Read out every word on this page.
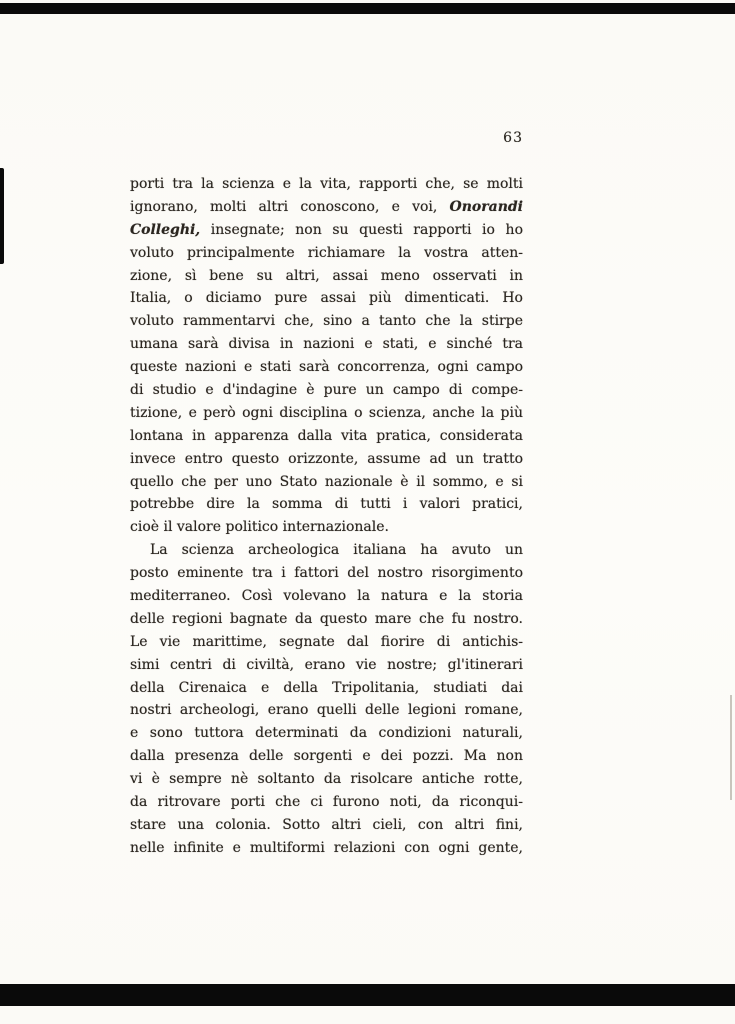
63
porti tra la scienza e la vita, rapporti che, se molti
ignorano, molti altri conoscono, e voi, Onorandi
Colleghi, insegnate; non su questi rapporti io ho
voluto principalmente richiamare la vostra atten-
zione, sì bene su altri, assai meno osservati in
Italia, o diciamo pure assai più dimenticati. Ho
voluto rammentarvi che, sino a tanto che la stirpe
umana sarà divisa in nazioni e stati, e sinché tra
queste nazioni e stati sarà concorrenza, ogni campo
di studio e d'indagine è pure un campo di compe-
tizione, e però ogni disciplina o scienza, anche la più
lontana in apparenza dalla vita pratica, considerata
invece entro questo orizzonte, assume ad un tratto
quello che per uno Stato nazionale è il sommo, e si
potrebbe dire la somma di tutti i valori pratici,
cioè il valore politico internazionale.
La scienza archeologica italiana ha avuto un
posto eminente tra i fattori del nostro risorgimento
mediterraneo. Così volevano la natura e la storia
delle regioni bagnate da questo mare che fu nostro.
Le vie marittime, segnate dal fiorire di antichis-
simi centri di civiltà, erano vie nostre; gl'itinerari
della Cirenaica e della Tripolitania, studiati dai
nostri archeologi, erano quelli delle legioni romane,
e sono tuttora determinati da condizioni naturali,
dalla presenza delle sorgenti e dei pozzi. Ma non
vi è sempre nè soltanto da risolcare antiche rotte,
da ritrovare porti che ci furono noti, da riconqui-
stare una colonia. Sotto altri cieli, con altri fini,
nelle infinite e multiformi relazioni con ogni gente,
